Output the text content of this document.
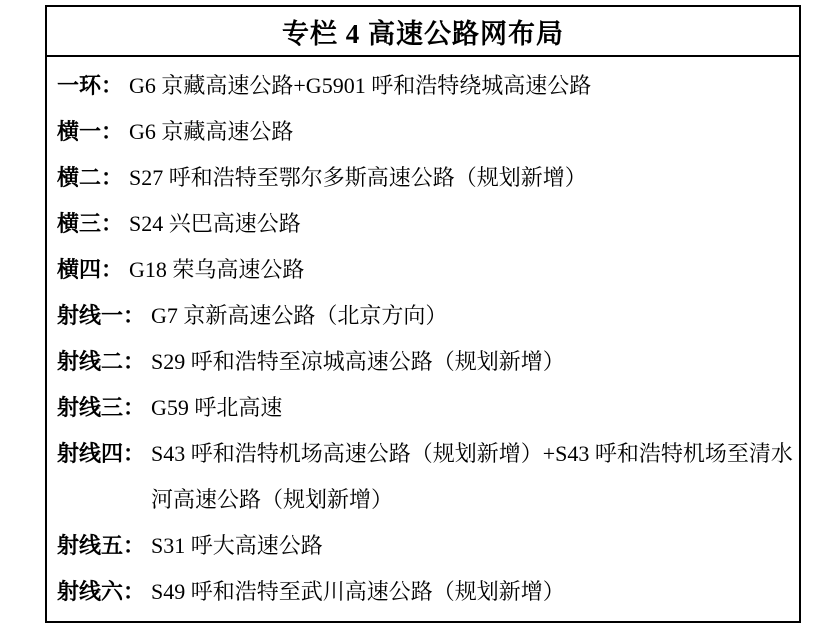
专栏 4 高速公路网布局
一环： G6 京藏高速公路+G5901 呼和浩特绕城高速公路
横一： G6 京藏高速公路
横二： S27 呼和浩特至鄂尔多斯高速公路（规划新增）
横三： S24 兴巴高速公路
横四： G18 荣乌高速公路
射线一： G7 京新高速公路（北京方向）
射线二： S29 呼和浩特至凉城高速公路（规划新增）
射线三： G59 呼北高速
射线四： S43 呼和浩特机场高速公路（规划新增）+S43 呼和浩特机场至清水河高速公路（规划新增）
射线五： S31 呼大高速公路
射线六： S49 呼和浩特至武川高速公路（规划新增）
